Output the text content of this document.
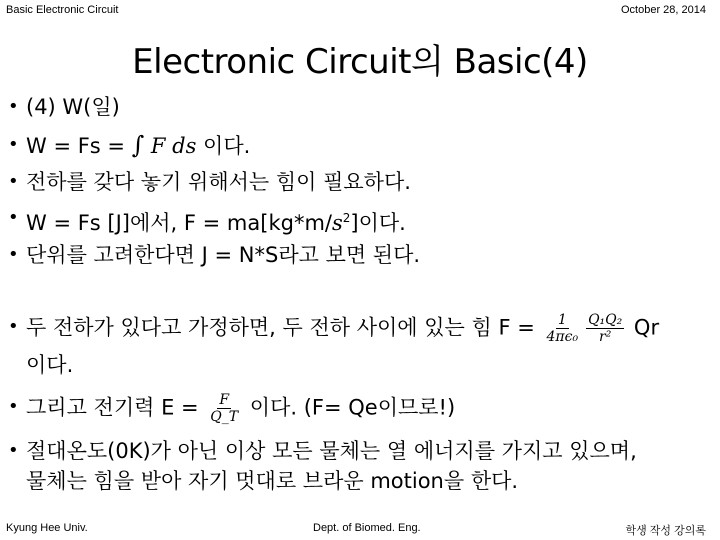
Basic Electronic Circuit	October 28, 2014
Electronic Circuit의 Basic(4)
• (4) W(일)
• W = Fs = ∫ F ds 이다.
• 전하를 갖다 놓기 위해서는 힘이 필요하다.
• W = Fs [J]에서, $F = ma[kg*m/s^2]$이다.
• 단위를 고려한다면 J = N*S라고 보면 된다.
• 두 전하가 있다고 가정하면, 두 전하 사이에 있는 힘 $F = \frac{1}{\text{4πϵ₀}} \frac{\text{Q₁Q₂}}{\text{r²}}$ Qr
이다.
• 그리고 전기력 $E = \frac{F}{Q\_T}$ 이다. (F= Qe이므로!)
• 절대온도(0K)가 아닌 이상 모든 물체는 열 에너지를 가지고 있으며,
물체는 힘을 받아 자기 멋대로 브라운 motion을 한다.
Kyung Hee Univ.	Dept. of Biomed. Eng.	학생 작성 강의록
